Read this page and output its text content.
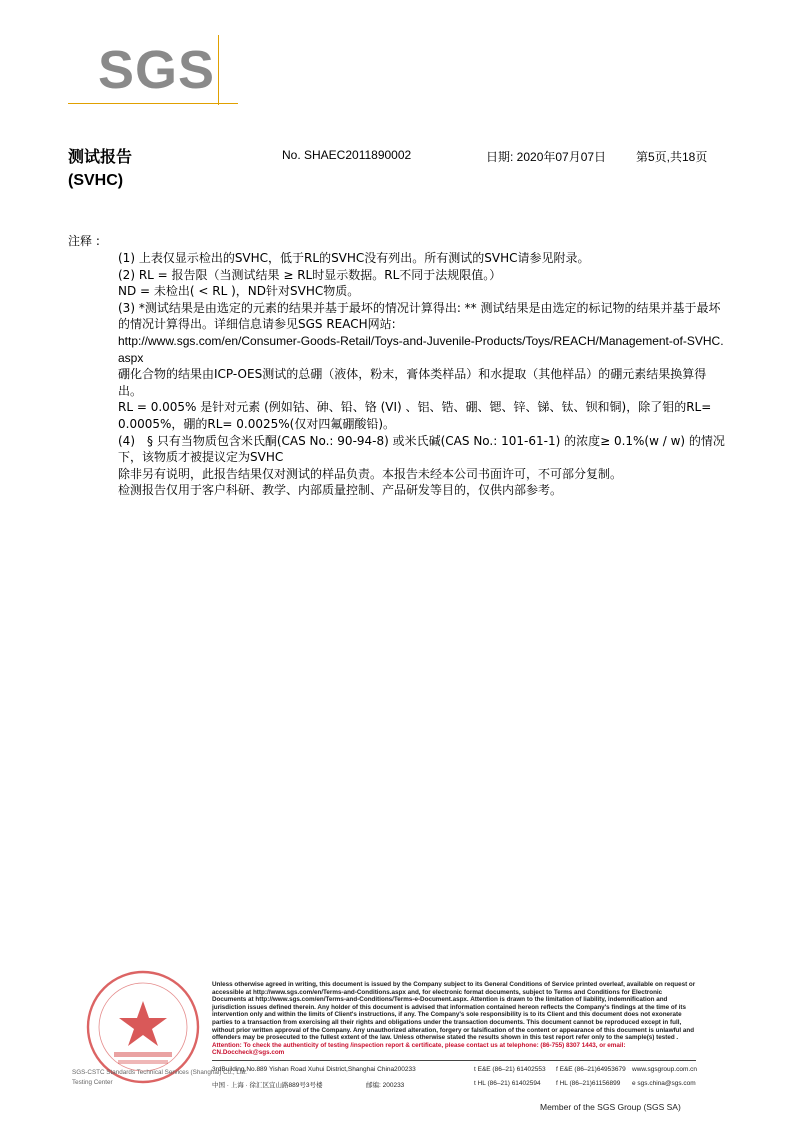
SGS
测试报告
(SVHC)
No. SHAEC2011890002	日期: 2020年07月07日 第5页,共18页
注释 :

(1) 上表仅显示检出的SVHC，低于RL的SVHC没有列出。所有测试的SVHC请参见附录。

(2) RL = 报告限（当测试结果 ≥ RL时显示数据。RL不同于法规限值。）

ND = 未检出( < RL )，ND针对SVHC物质。

(3) *测试结果是由选定的元素的结果并基于最坏的情况计算得出: ** 测试结果是由选定的标记物的结果并基于最坏的情况计算得出。详细信息请参见SGS REACH网站:

http://www.sgs.com/en/Consumer-Goods-Retail/Toys-and-Juvenile-Products/Toys/REACH/Management-of-SVHC.aspx

硼化合物的结果由ICP-OES测试的总硼（液体，粉末，膏体类样品）和水提取（其他样品）的硼元素结果换算得出。

RL = 0.005% 是针对元素 (例如钴、砷、铅、铬 (VI) 、铝、锆、硼、锶、锌、锑、钛、钡和铜)，除了钼的RL= 0.0005%，硼的RL= 0.0025%(仅对四氟硼酸铅)。

(4)　§ 只有当物质包含米氏酮(CAS No.: 90-94-8) 或米氏碱(CAS No.: 101-61-1) 的浓度≥ 0.1%(w / w) 的情况下，该物质才被提议定为SVHC

除非另有说明，此报告结果仅对测试的样品负责。本报告未经本公司书面许可，不可部分复制。

检测报告仅用于客户科研、教学、内部质量控制、产品研发等目的，仅供内部参考。

Unless otherwise agreed in writing, this document is issued by the Company subject to its General Conditions of Service printed overleaf, available on request or accessible at http://www.sgs.com/en/Terms-and-Conditions.aspx and, for electronic format documents, subject to Terms and Conditions for Electronic Documents at http://www.sgs.com/en/Terms-and-Conditions/Terms-e-Document.aspx. Attention is drawn to the limitation of liability, indemnification and jurisdiction issues defined therein. Any holder of this document is advised that information contained hereon reflects the Company's findings at the time of its intervention only and within the limits of Client's instructions, if any. The Company's sole responsibility is to its Client and this document does not exonerate parties to a transaction from exercising all their rights and obligations under the transaction documents. This document cannot be reproduced except in full, without prior written approval of the Company. Any unauthorized alteration, forgery or falsification of the content or appearance of this document is unlawful and offenders may be prosecuted to the fullest extent of the law. Unless otherwise stated the results shown in this test report refer only to the sample(s) tested . Attention: To check the authenticity of testing /inspection report & certificate, please contact us at telephone: (86-755) 8307 1443, or email: CN.Doccheck@sgs.com
3rdBuilding,No.889 Yishan Road Xuhui District,Shanghai China 200233	t E&E (86–21) 61402553 f E&E (86–21)64953679 www.sgsgroup.com.cn
中国 · 上海 · 徐汇区宜山路889号3号楼	邮编: 200233	t HL (86–21) 61402594 f HL (86–21)61156899 e sgs.china@sgs.com
SGS-CSTC Standards Technical Services (Shanghai) Co., Ltd.
Testing Center
Member of the SGS Group (SGS SA)
